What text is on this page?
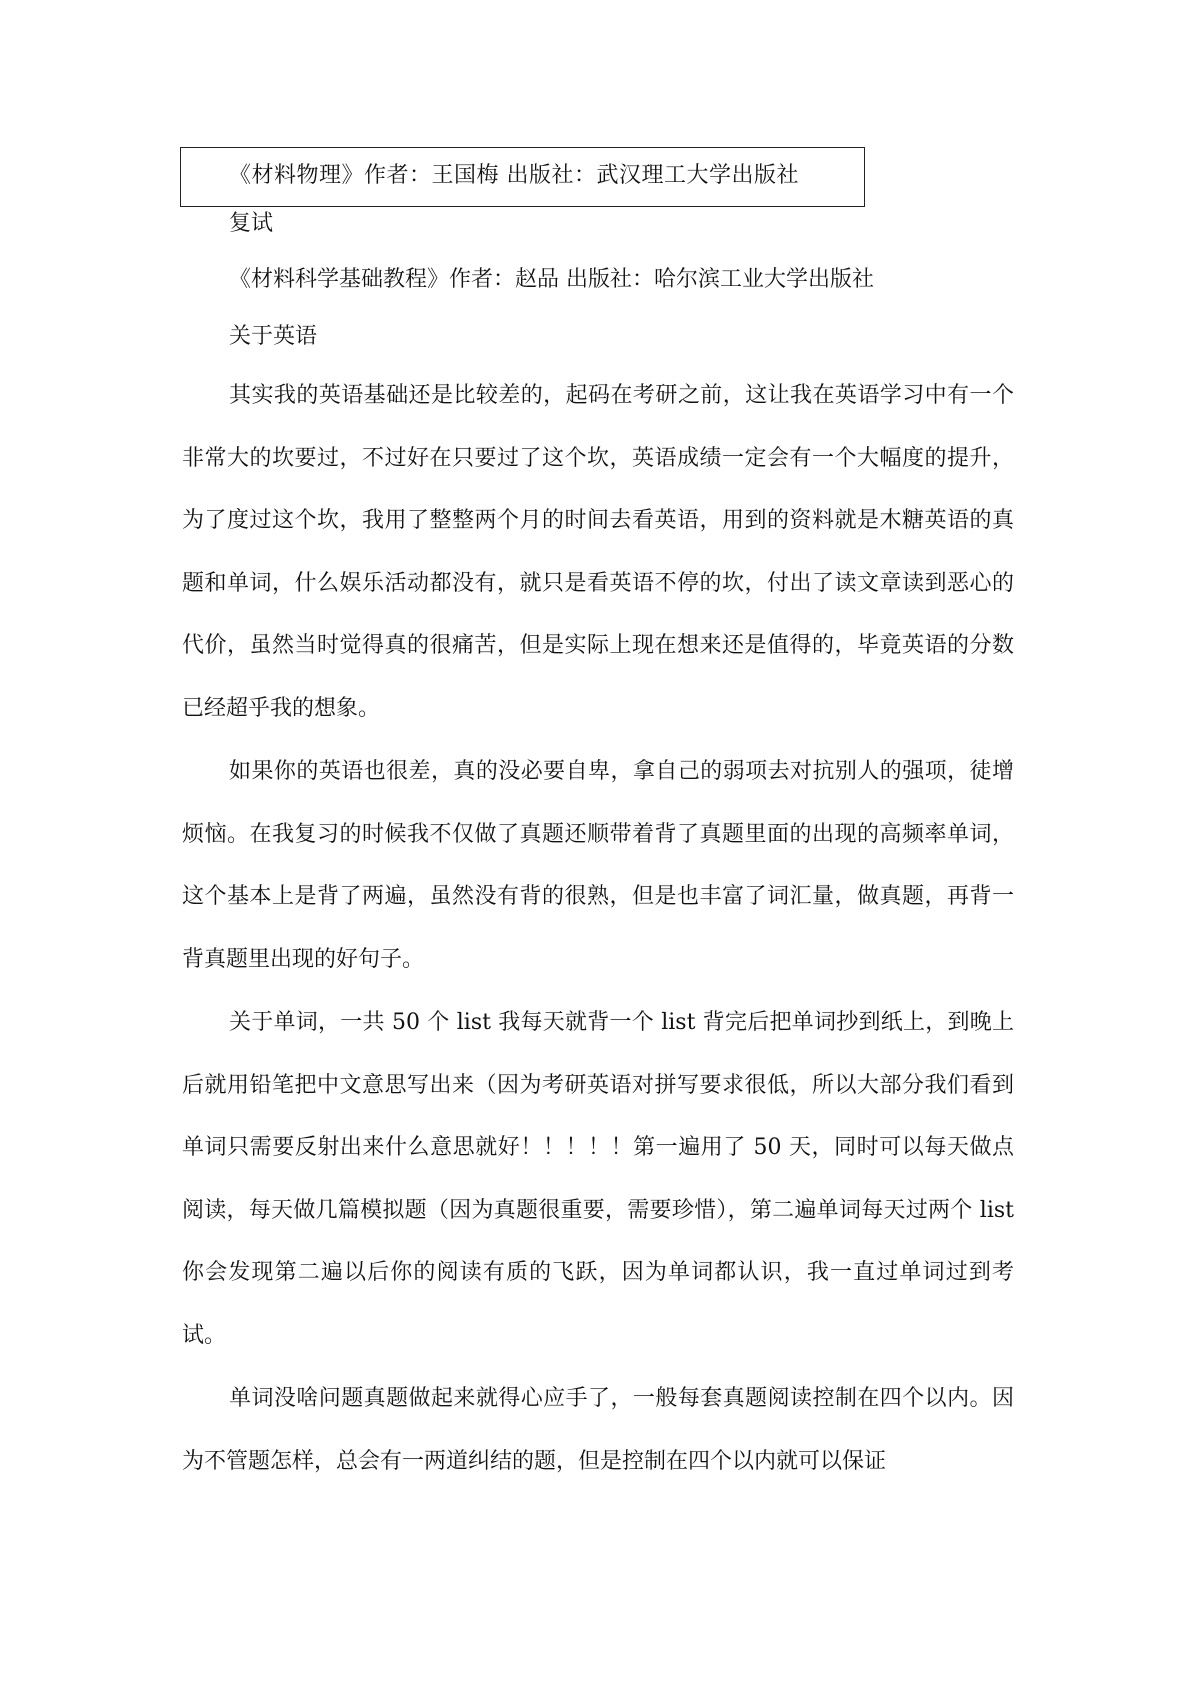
《材料物理》作者：王国梅 出版社：武汉理工大学出版社
复试
《材料科学基础教程》作者：赵品 出版社：哈尔滨工业大学出版社
关于英语

其实我的英语基础还是比较差的，起码在考研之前，这让我在英语学习中有一个非常大的坎要过，不过好在只要过了这个坎，英语成绩一定会有一个大幅度的提升，为了度过这个坎，我用了整整两个月的时间去看英语，用到的资料就是木糖英语的真题和单词，什么娱乐活动都没有，就只是看英语不停的坎，付出了读文章读到恶心的代价，虽然当时觉得真的很痛苦，但是实际上现在想来还是值得的，毕竟英语的分数已经超乎我的想象。

如果你的英语也很差，真的没必要自卑，拿自己的弱项去对抗别人的强项，徒增烦恼。在我复习的时候我不仅做了真题还顺带着背了真题里面的出现的高频率单词，这个基本上是背了两遍，虽然没有背的很熟，但是也丰富了词汇量，做真题，再背一背真题里出现的好句子。

关于单词，一共 50 个 list 我每天就背一个 list 背完后把单词抄到纸上，到晚上后就用铅笔把中文意思写出来（因为考研英语对拼写要求很低，所以大部分我们看到单词只需要反射出来什么意思就好！！！！！第一遍用了 50 天，同时可以每天做点阅读，每天做几篇模拟题（因为真题很重要，需要珍惜），第二遍单词每天过两个 list 你会发现第二遍以后你的阅读有质的飞跃，因为单词都认识，我一直过单词过到考试。

单词没啥问题真题做起来就得心应手了，一般每套真题阅读控制在四个以内。因为不管题怎样，总会有一两道纠结的题，但是控制在四个以内就可以保证
